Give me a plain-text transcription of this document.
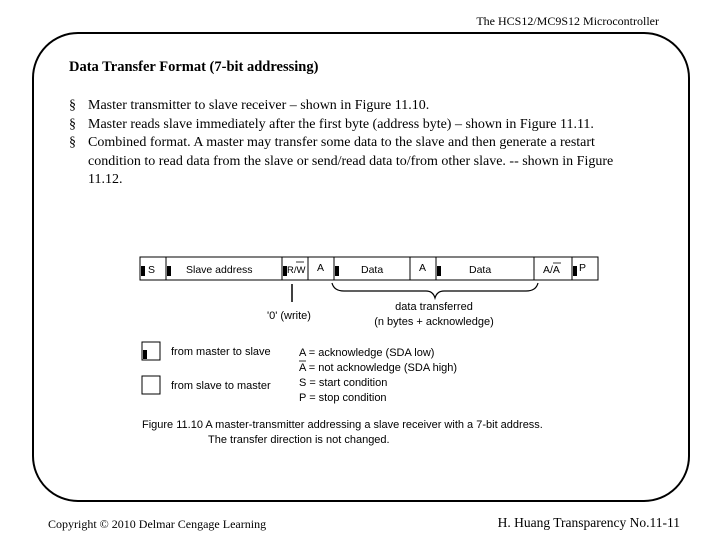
The HCS12/MC9S12 Microcontroller
Data Transfer Format (7-bit addressing)
§ Master transmitter to slave receiver – shown in Figure 11.10.
§ Master reads slave immediately after the first byte (address byte) – shown in Figure 11.11.
§ Combined format. A master may transfer some data to the slave and then generate a restart condition to read data from the slave or send/read data to/from other slave. -- shown in Figure 11.12.
S	Slave address	R/W A	Data	A	Data	A/A P
'0' (write)
data transferred
(n bytes + acknowledge)
from master to slave
from slave to master
A = acknowledge (SDA low)
A = not acknowledge (SDA high)
S = start condition
P = stop condition
Figure 11.10 A master-transmitter addressing a slave receiver with a 7-bit address.
The transfer direction is not changed.
Copyright © 2010 Delmar Cengage Learning	H. Huang Transparency No.11-11
